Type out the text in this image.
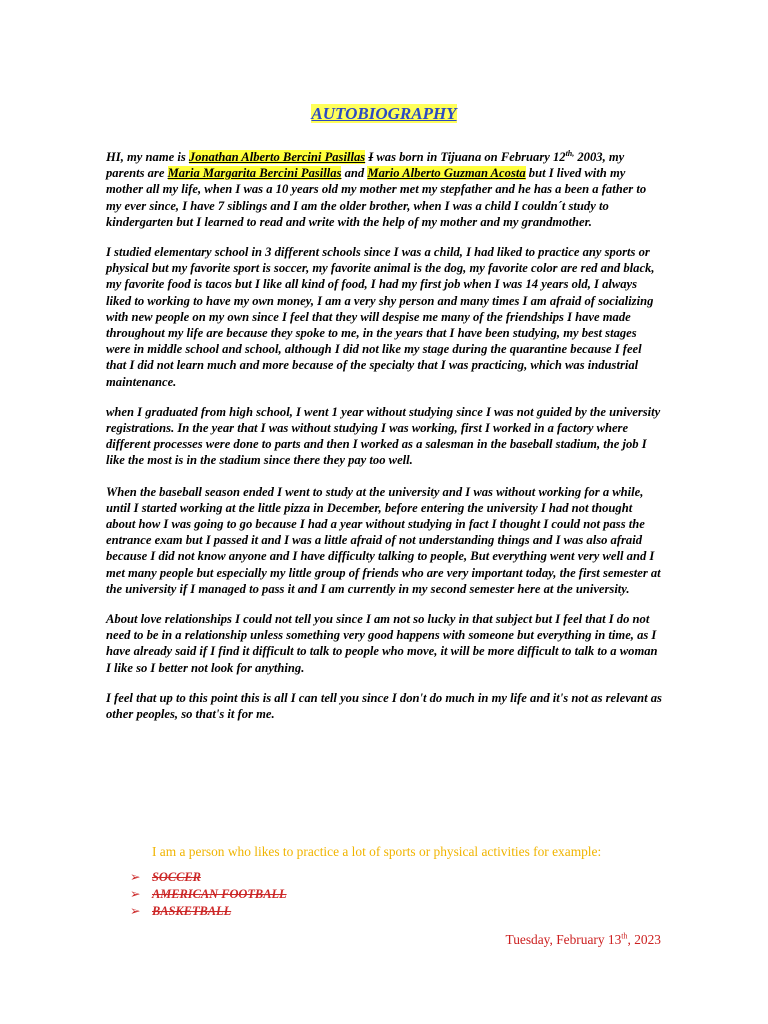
AUTOBIOGRAPHY

HI, my name is Jonathan Alberto Bercini Pasillas I was born in Tijuana on February $12^{th,}$ 2003, my parents are Maria Margarita Bercini Pasillas and Mario Alberto Guzman Acosta but I lived with my mother all my life, when I was a 10 years old my mother met my stepfather and he has a been a father to my ever since, I have 7 siblings and I am the older brother, when I was a child I couldn´t study to kindergarten but I learned to read and write with the help of my mother and my grandmother.

I studied elementary school in 3 different schools since I was a child, I had liked to practice any sports or physical but my favorite sport is soccer, my favorite animal is the dog, my favorite color are red and black, my favorite food is tacos but I like all kind of food, I had my first job when I was 14 years old, I always liked to working to have my own money, I am a very shy person and many times I am afraid of socializing with new people on my own since I feel that they will despise me many of the friendships I have made throughout my life are because they spoke to me, in the years that I have been studying, my best stages were in middle school and school, although I did not like my stage during the quarantine because I feel that I did not learn much and more because of the specialty that I was practicing, which was industrial maintenance.

when I graduated from high school, I went 1 year without studying since I was not guided by the university registrations. In the year that I was without studying I was working, first I worked in a factory where different processes were done to parts and then I worked as a salesman in the baseball stadium, the job I like the most is in the stadium since there they pay too well.

When the baseball season ended I went to study at the university and I was without working for a while, until I started working at the little pizza in December, before entering the university I had not thought about how I was going to go because I had a year without studying in fact I thought I could not pass the entrance exam but I passed it and I was a little afraid of not understanding things and I was also afraid because I did not know anyone and I have difficulty talking to people, But everything went very well and I met many people but especially my little group of friends who are very important today, the first semester at the university if I managed to pass it and I am currently in my second semester here at the university.

About love relationships I could not tell you since I am not so lucky in that subject but I feel that I do not need to be in a relationship unless something very good happens with someone but everything in time, as I have already said if I find it difficult to talk to people who move, it will be more difficult to talk to a woman I like so I better not look for anything.

I feel that up to this point this is all I can tell you since I don't do much in my life and it's not as relevant as other peoples, so that's it for me.

I am a person who likes to practice a lot of sports or physical activities for example:
➢ SOCCER
➢ AMERICAN FOOTBALL
➢ BASKETBALL
Tuesday, February 13th, 2023
